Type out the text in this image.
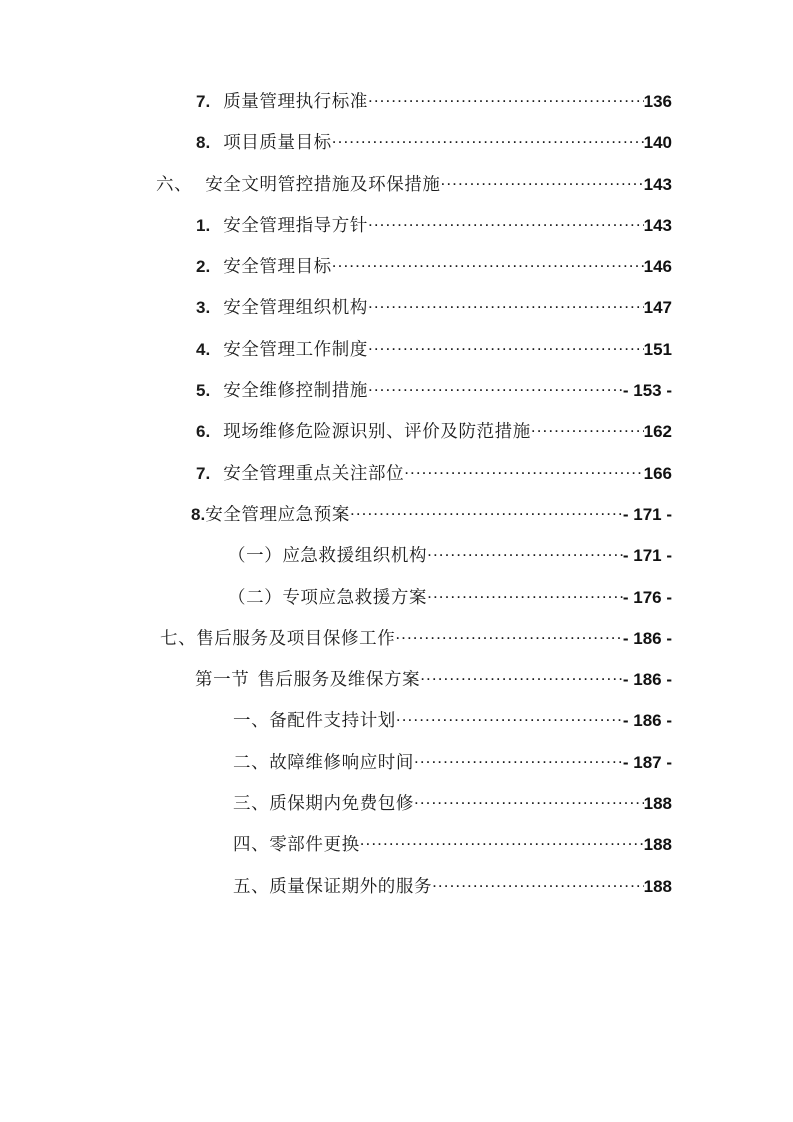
7. 质量管理执行标准 .....	136
8. 项目质量目标 .....	140
六、 安全文明管控措施及环保措施 .....	143
1. 安全管理指导方针 .....	143
2. 安全管理目标 .....	146
3. 安全管理组织机构 .....	147
4. 安全管理工作制度 .....	151
5. 安全维修控制措施 .....	- 153 -
6. 现场维修危险源识别、评价及防范措施 .....	162
7. 安全管理重点关注部位 .....	166
8.安全管理应急预案 .....	- 171 -
（一）应急救援组织机构 .....	- 171 -
（二）专项应急救援方案 .....	- 176 -
七、售后服务及项目保修工作 .....	- 186 -
第一节 售后服务及维保方案 .....	- 186 -
一、备配件支持计划 .....	- 186 -
二、故障维修响应时间 .....	- 187 -
三、质保期内免费包修 .....	188
四、零部件更换 .....	188
五、质量保证期外的服务 .....	188
